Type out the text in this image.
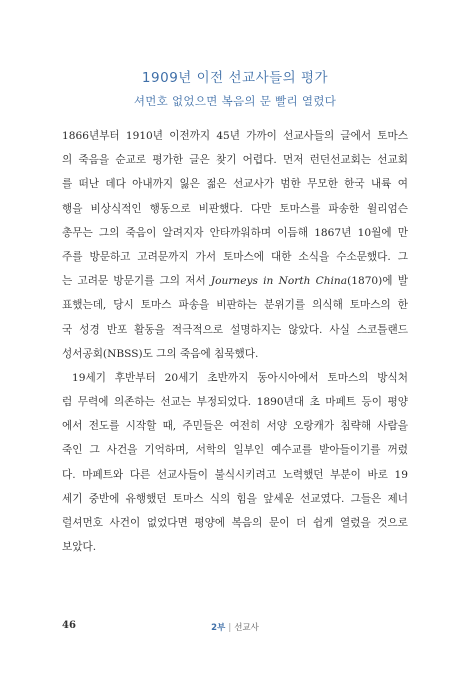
1909년 이전 선교사들의 평가
셔먼호 없었으면 복음의 문 빨리 열렸다
1866년부터 1910년 이전까지 45년 가까이 선교사들의 글에서 토마스
의 죽음을 순교로 평가한 글은 찾기 어렵다. 먼저 런던선교회는 선교회
를 떠난 데다 아내까지 잃은 젊은 선교사가 범한 무모한 한국 내륙 여
행을 비상식적인 행동으로 비판했다. 다만 토마스를 파송한 윌리엄슨
총무는 그의 죽음이 알려지자 안타까워하며 이듬해 1867년 10월에 만
주를 방문하고 고려문까지 가서 토마스에 대한 소식을 수소문했다. 그
는 고려문 방문기를 그의 저서 Journeys in North China(1870)에 발
표했는데, 당시 토마스 파송을 비판하는 분위기를 의식해 토마스의 한
국 성경 반포 활동을 적극적으로 설명하지는 않았다. 사실 스코틀랜드
성서공회(NBSS)도 그의 죽음에 침묵했다.
19세기 후반부터 20세기 초반까지 동아시아에서 토마스의 방식처
럼 무력에 의존하는 선교는 부정되었다. 1890년대 초 마페트 등이 평양
에서 전도를 시작할 때, 주민들은 여전히 서양 오랑캐가 침략해 사람을
죽인 그 사건을 기억하며, 서학의 일부인 예수교를 받아들이기를 꺼렸
다. 마페트와 다른 선교사들이 불식시키려고 노력했던 부분이 바로 19
세기 중반에 유행했던 토마스 식의 힘을 앞세운 선교였다. 그들은 제너
럴셔먼호 사건이 없었다면 평양에 복음의 문이 더 쉽게 열렸을 것으로
보았다.
46	2부 | 선교사
